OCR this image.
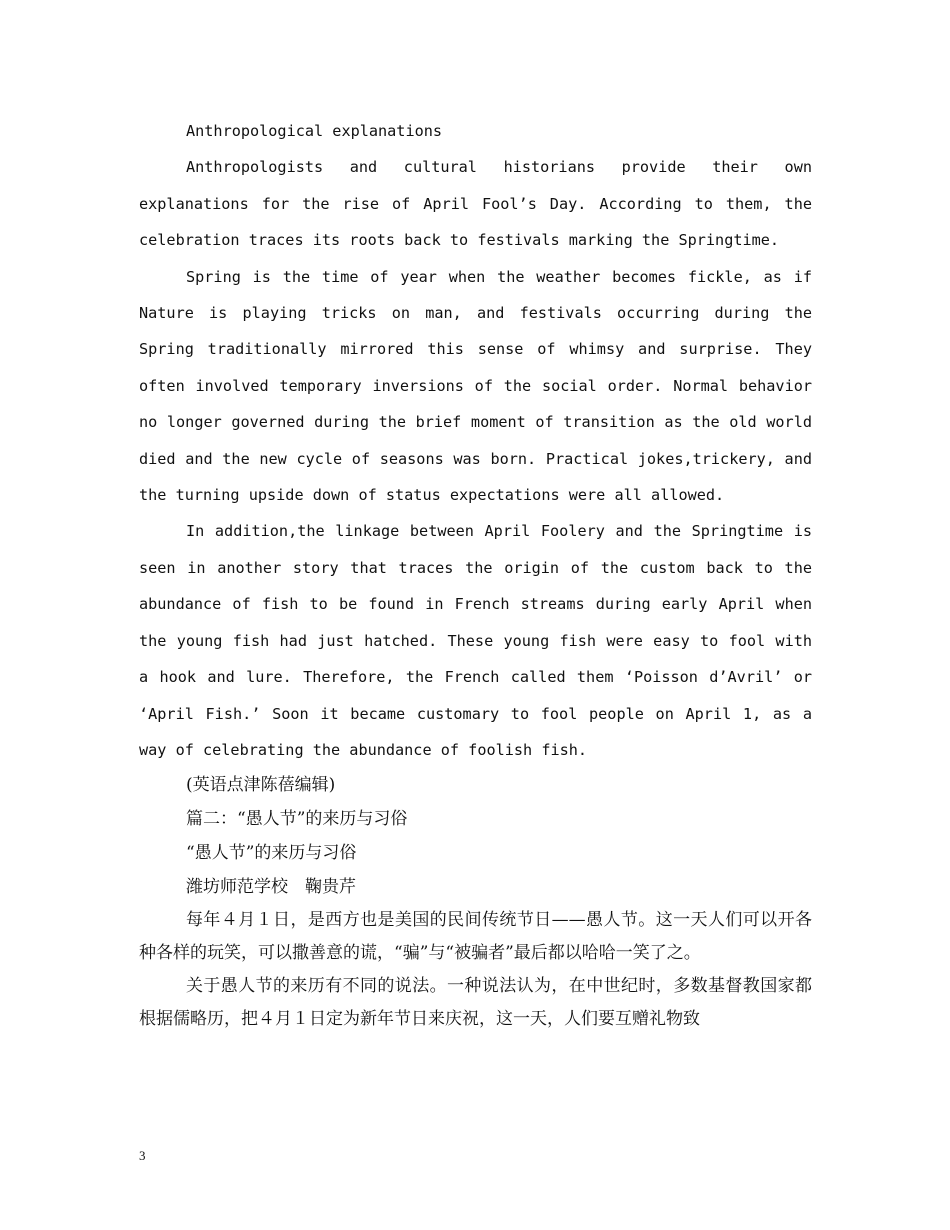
Anthropological explanations

Anthropologists and cultural historians provide their own explanations for the rise of April Fool’s Day. According to them, the celebration traces its roots back to festivals marking the Springtime.

Spring is the time of year when the weather becomes fickle, as if Nature is playing tricks on man, and festivals occurring during the Spring traditionally mirrored this sense of whimsy and surprise. They often involved temporary inversions of the social order. Normal behavior no longer governed during the brief moment of transition as the old world died and the new cycle of seasons was born. Practical jokes,trickery, and the turning upside down of status expectations were all allowed.

In addition,the linkage between April Foolery and the Springtime is seen in another story that traces the origin of the custom back to the abundance of fish to be found in French streams during early April when the young fish had just hatched. These young fish were easy to fool with a hook and lure. Therefore, the French called them ‘Poisson d’Avril’ or ‘April Fish.’ Soon it became customary to fool people on April 1, as a way of celebrating the abundance of foolish fish.

(英语点津陈蓓编辑)

篇二：“愚人节”的来历与习俗

“愚人节”的来历与习俗

潍坊师范学校　鞠贵芹

每年４月１日，是西方也是美国的民间传统节日——愚人节。这一天人们可以开各种各样的玩笑，可以撒善意的谎，“骗”与“被骗者”最后都以哈哈一笑了之。

关于愚人节的来历有不同的说法。一种说法认为，在中世纪时，多数基督教国家都根据儒略历，把４月１日定为新年节日来庆祝，这一天，人们要互赠礼物致

3
